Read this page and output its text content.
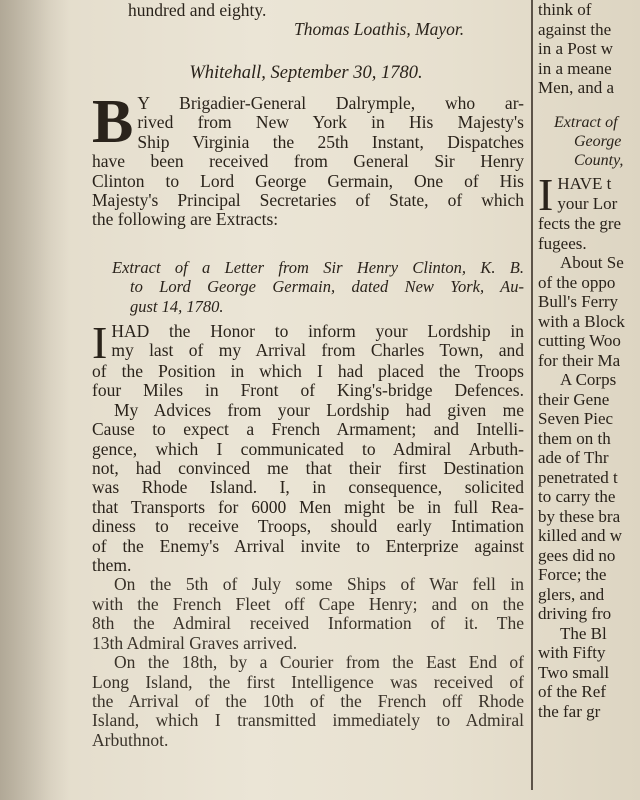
hundred and eighty.
Thomas Loathis, Mayor.
Whitehall, September 30, 1780.
B Y Brigadier-General Dalrymple, who ar-
rived from New York in His Majesty's
Ship Virginia the 25th Instant, Dispatches
have been received from General Sir Henry
Clinton to Lord George Germain, One of His
Majesty's Principal Secretaries of State, of which
the following are Extracts:
Extract of a Letter from Sir Henry Clinton, K. B.
to Lord George Germain, dated New York, Au-
gust 14, 1780.
I HAD the Honor to inform your Lordship in
my last of my Arrival from Charles Town, and
of the Position in which I had placed the Troops
four Miles in Front of King's-bridge Defences.
My Advices from your Lordship had given me
Cause to expect a French Armament; and Intelli-
gence, which I communicated to Admiral Arbuth-
not, had convinced me that their first Destination
was Rhode Island. I, in consequence, solicited
that Transports for 6000 Men might be in full Rea-
diness to receive Troops, should early Intimation
of the Enemy's Arrival invite to Enterprize against
them.
On the 5th of July some Ships of War fell in
with the French Fleet off Cape Henry; and on the
8th the Admiral received Information of it. The
13th Admiral Graves arrived.
On the 18th, by a Courier from the East End of
Long Island, the first Intelligence was received of
the Arrival of the 10th of the French off Rhode
Island, which I transmitted immediately to Admiral
Arbuthnot.
think of
against the
in a Post w
in a meane
Men, and a
Extract of
George
County,
I HAVE t
your Lor
fects the gre
fugees.
About Se
of the oppo
Bull's Ferry
with a Block
cutting Woo
for their Ma
A Corps
their Gene
Seven Piec
them on th
ade of Thr
penetrated t
to carry the
by these bra
killed and w
gees did no
Force; the
glers, and
driving fro
The Bl
with Fifty
Two small
of the Ref
the far gr
